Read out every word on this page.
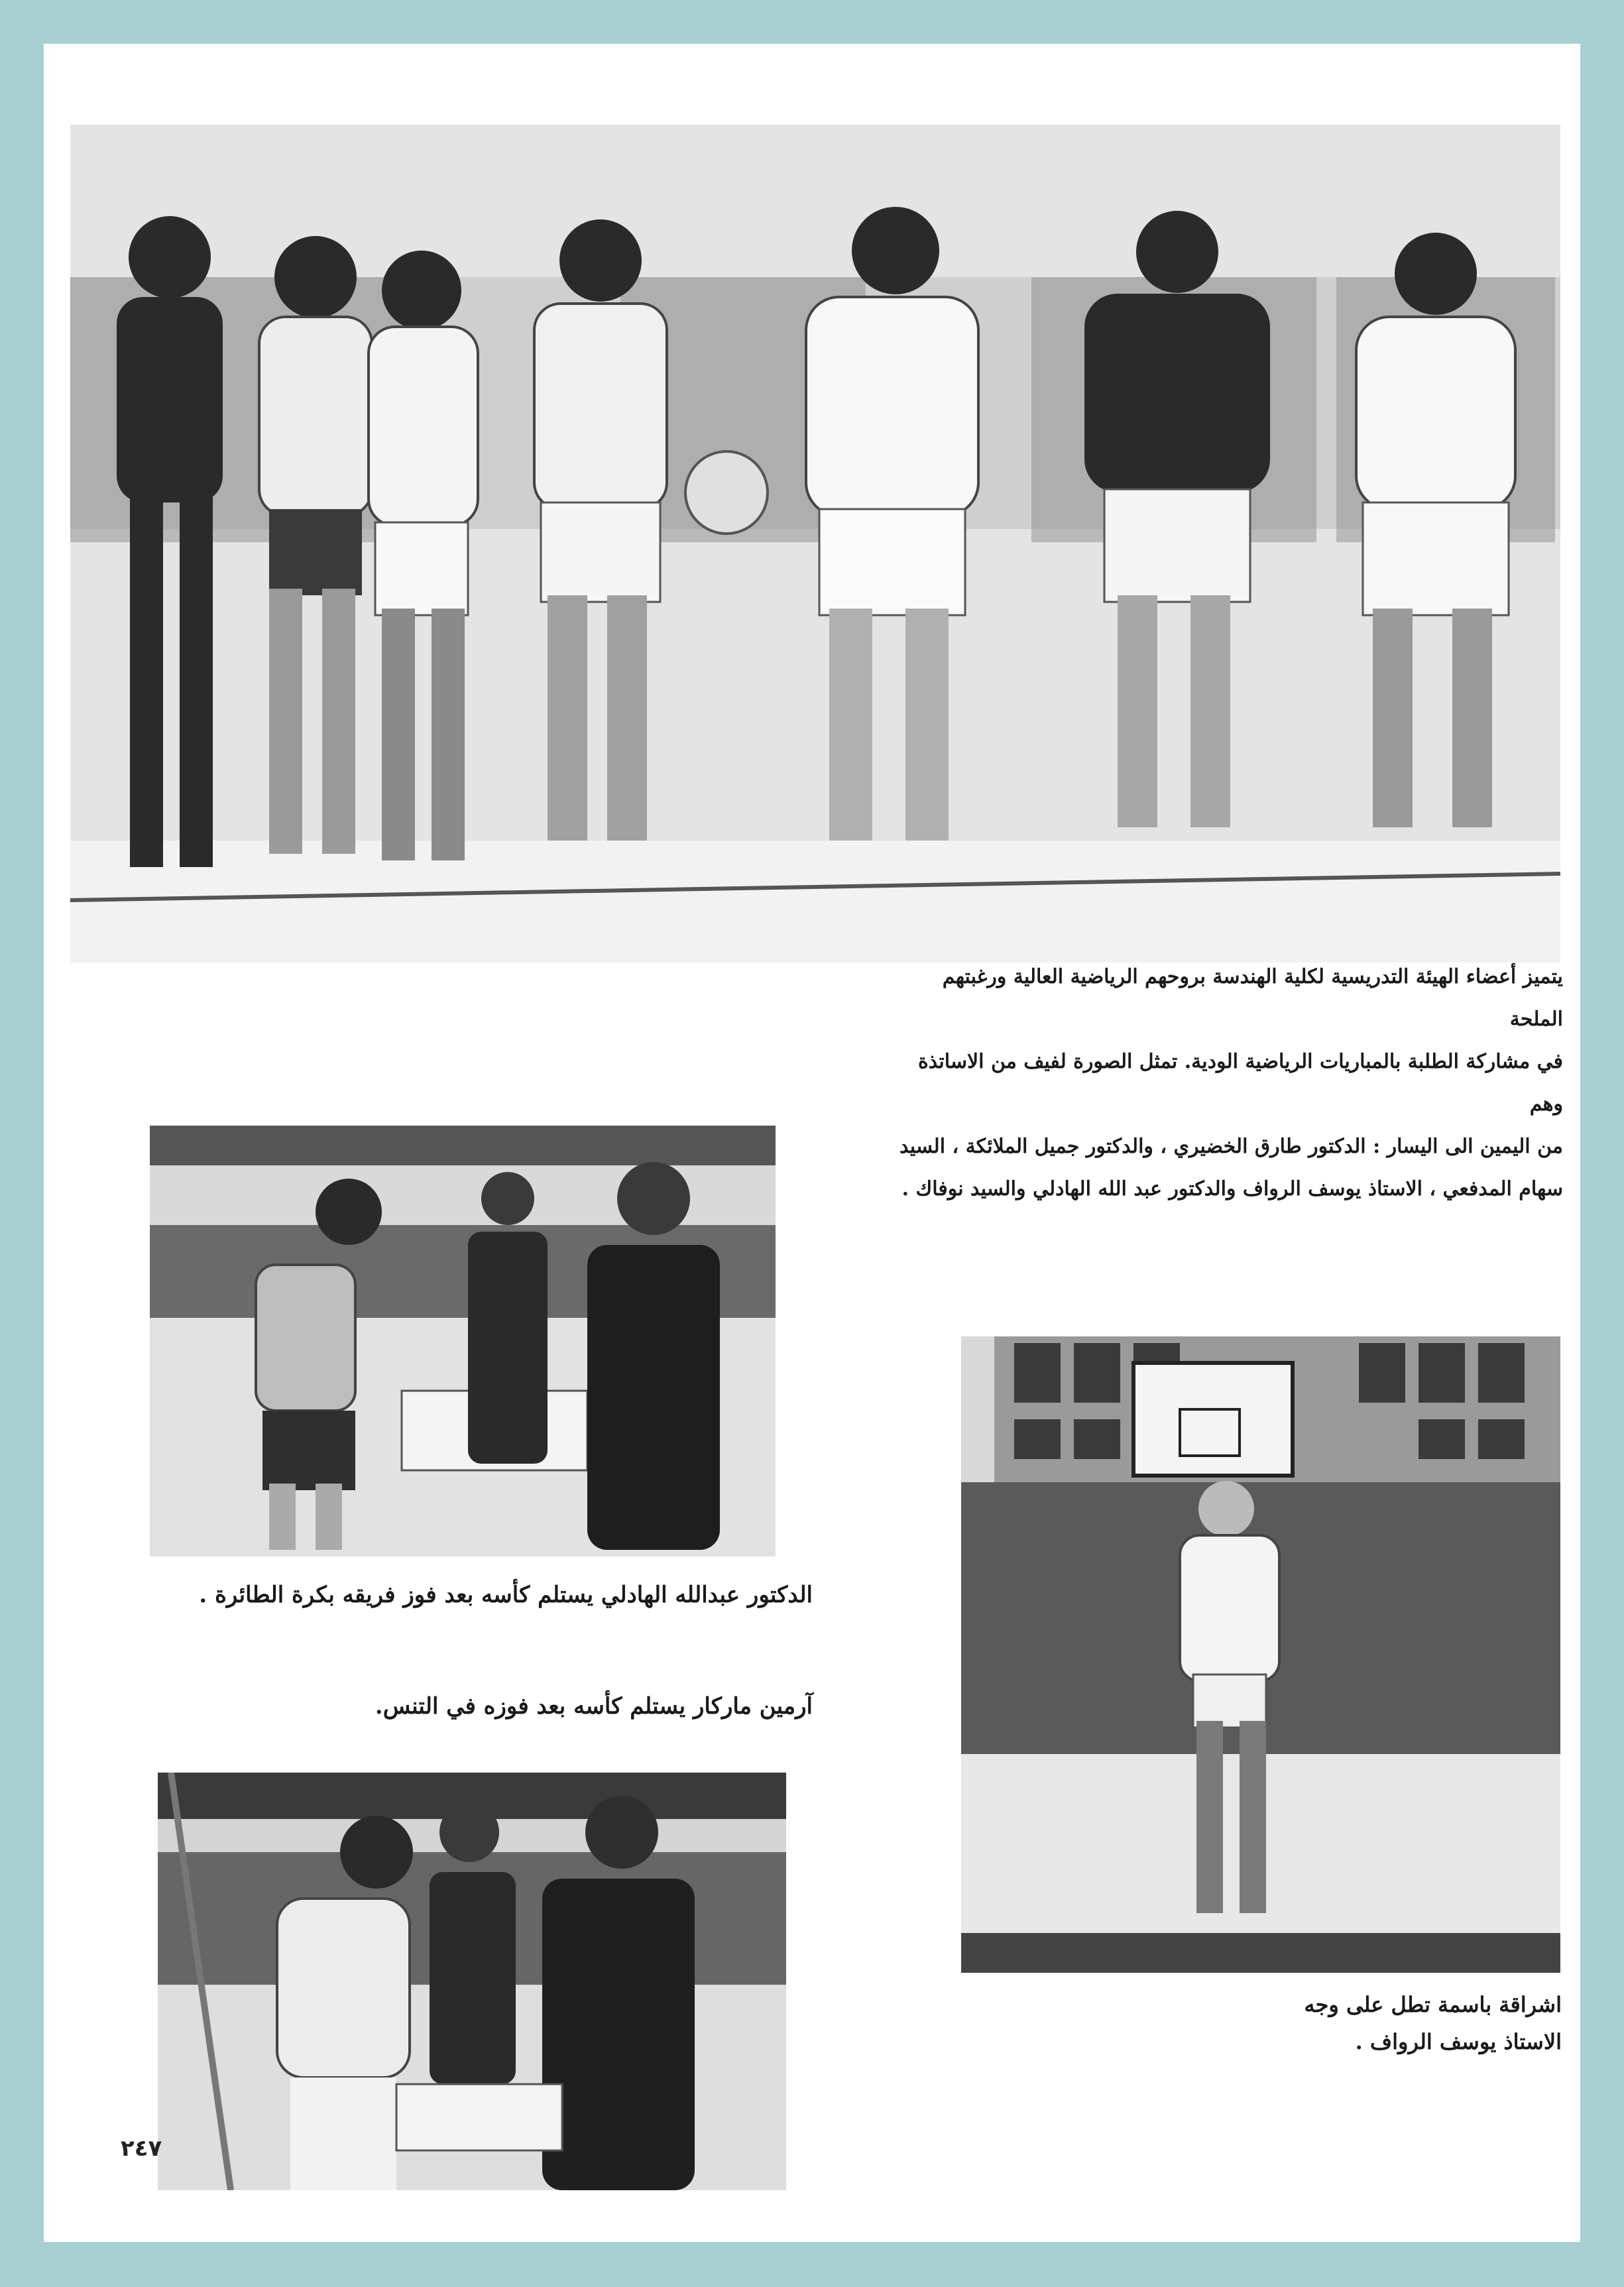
يتميز أعضاء الهيئة التدريسية لكلية الهندسة بروحهم الرياضية العالية ورغبتهم الملحة

في مشاركة الطلبة بالمباريات الرياضية الودية. تمثل الصورة لفيف من الاساتذة وهم

من اليمين الى اليسار : الدكتور طارق الخضيري ، والدكتور جميل الملائكة ، السيد

سهام المدفعي ، الاستاذ يوسف الرواف والدكتور عبد الله الهادلي والسيد نوفاك .

الدكتور عبدالله الهادلي يستلم كأسه بعد فوز فريقه بكرة الطائرة .
آرمين ماركار يستلم كأسه بعد فوزه في التنس.
٢٤٧

اشراقة باسمة تطل على وجه

الاستاذ يوسف الرواف .
